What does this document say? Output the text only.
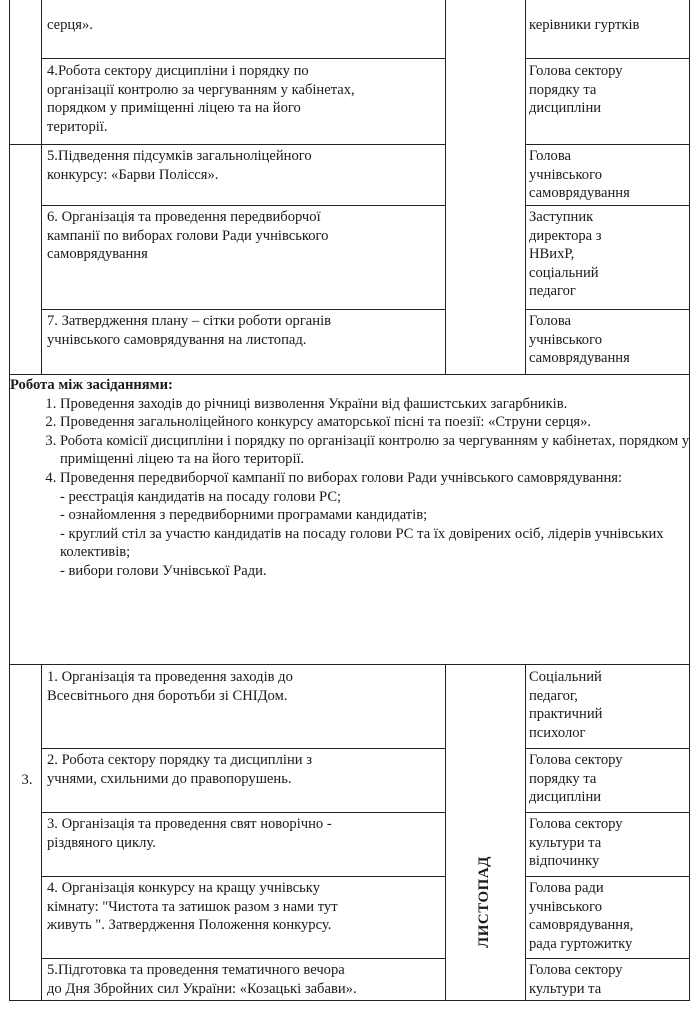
серця».	керівники гуртків
4.Робота сектору дисципліни і порядку по
організації контролю за чергуванням у кабінетах,
порядком у приміщенні ліцею та на його
території.
Голова сектору
порядку та
дисципліни
5.Підведення підсумків загальноліцейного
конкурсу: «Барви Полісся».
Голова
учнівського
самоврядування
6. Організація та проведення передвиборчої
кампанії по виборах голови Ради учнівського
самоврядування
Заступник
директора з
НВихР,
соціальний
педагог
7. Затвердження плану – сітки роботи органів
учнівського самоврядування на листопад.
Голова
учнівського
самоврядування
Робота між засіданнями:
1. Проведення заходів до річниці визволення України від фашистських загарбників.
2. Проведення загальноліцейного конкурсу аматорської пісні та поезії: «Струни серця».
3. Робота комісії дисципліни і порядку по організації контролю за чергуванням у кабінетах, порядком у приміщенні ліцею та на його території.
4. Проведення передвиборчої кампанії по виборах голови Ради учнівського самоврядування:
- реєстрація кандидатів на посаду голови РС;
- ознайомлення з передвиборними програмами кандидатів;
- круглий стіл за участю кандидатів на посаду голови РС та їх довірених осіб, лідерів учнівських колективів;
- вибори голови Учнівської Ради.
3.
ЛИСТОПАД
1. Організація та проведення заходів до
Всесвітнього дня боротьби зі СНІДом.
Соціальний
педагог,
практичний
психолог
2. Робота сектору порядку та дисципліни з
учнями, схильними до правопорушень.
Голова сектору
порядку та
дисципліни
3. Організація та проведення свят новорічно -
різдвяного циклу.
Голова сектору
культури та
відпочинку
4. Організація конкурсу на кращу учнівську
кімнату: "Чистота та затишок разом з нами тут
живуть ". Затвердження Положення конкурсу.
Голова ради
учнівського
самоврядування,
рада гуртожитку
5.Підготовка та проведення тематичного вечора
до Дня Збройних сил України: «Козацькі забави».
Голова сектору
культури та
